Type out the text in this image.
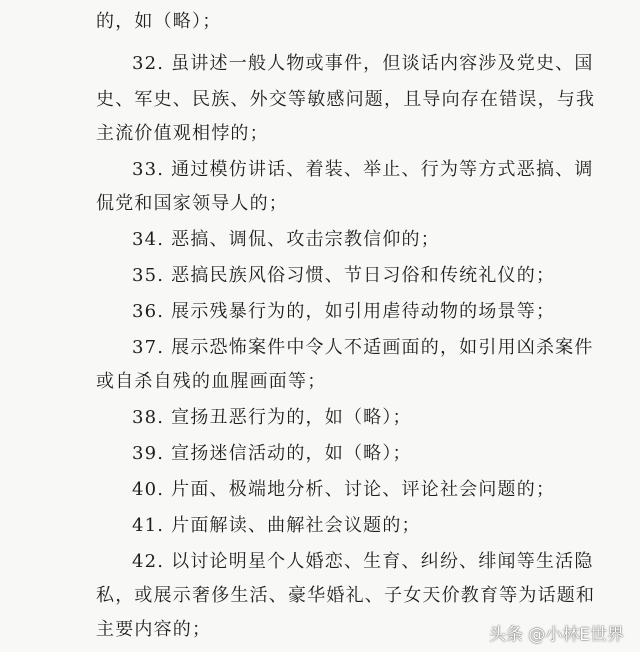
的，如（略）；
32. 虽讲述一般人物或事件，但谈话内容涉及党史、国
史、军史、民族、外交等敏感问题，且导向存在错误，与我
主流价值观相悖的；
33. 通过模仿讲话、着装、举止、行为等方式恶搞、调
侃党和国家领导人的；
34. 恶搞、调侃、攻击宗教信仰的；
35. 恶搞民族风俗习惯、节日习俗和传统礼仪的；
36. 展示残暴行为的，如引用虐待动物的场景等；
37. 展示恐怖案件中令人不适画面的，如引用凶杀案件
或自杀自残的血腥画面等；
38. 宣扬丑恶行为的，如（略）；
39. 宣扬迷信活动的，如（略）；
40. 片面、极端地分析、讨论、评论社会问题的；
41. 片面解读、曲解社会议题的；
42. 以讨论明星个人婚恋、生育、纠纷、绯闻等生活隐
私，或展示奢侈生活、豪华婚礼、子女天价教育等为话题和
主要内容的；	头条 @小林E世界
